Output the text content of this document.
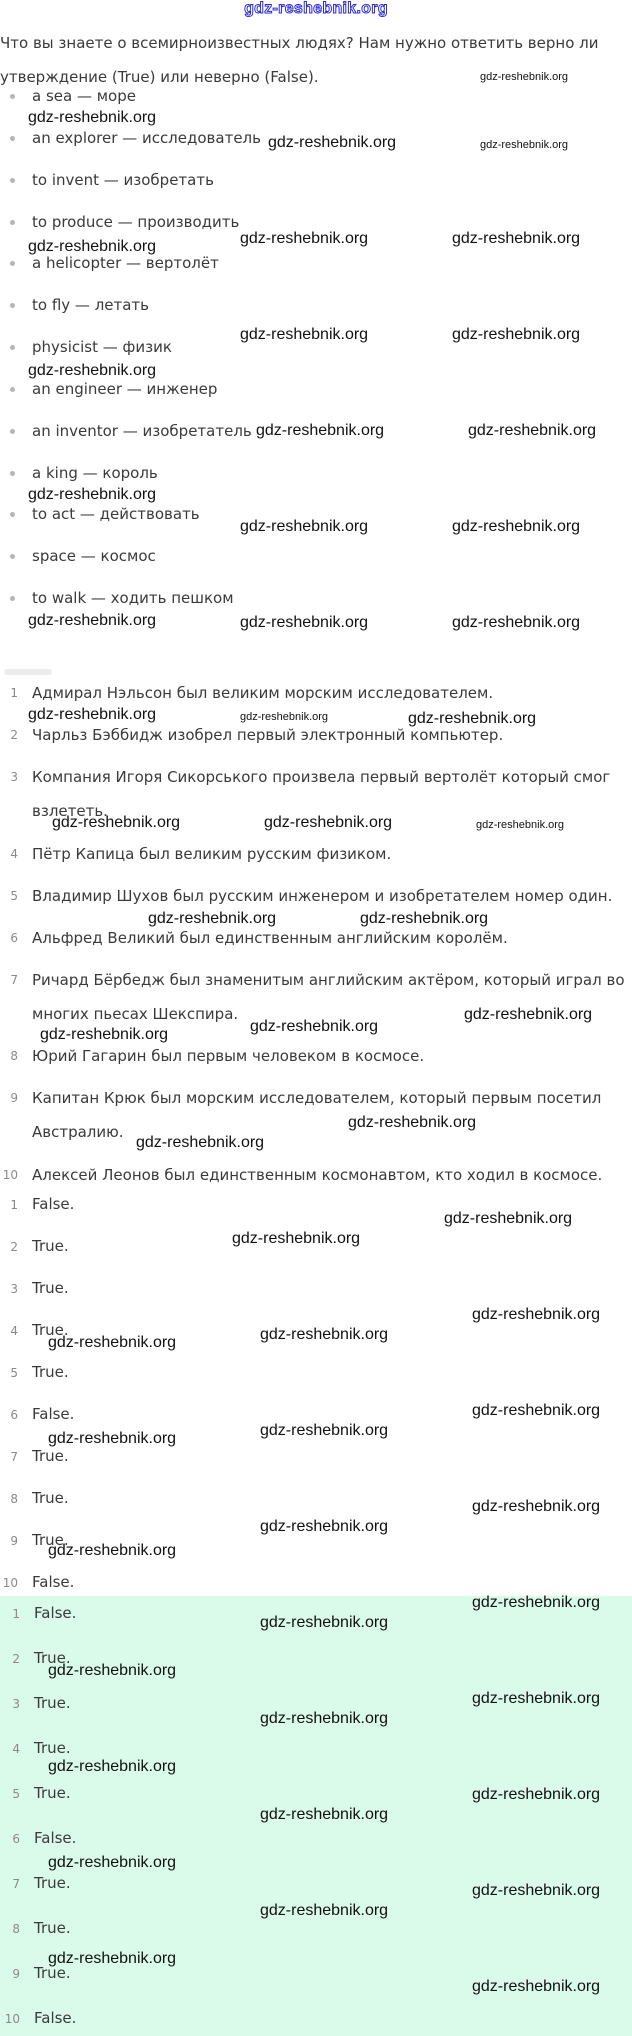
gdz-reshebnik.org
Что вы знаете о всемирноизвестных людях? Нам нужно ответить верно ли утверждение (True) или неверно (False).
a sea — море
an explorer — исследователь
to invent — изобретать
to produce — производить
a helicopter — вертолёт
to fly — летать
physicist — физик
an engineer — инженер
an inventor — изобретатель
a king — король
to act — действовать
space — космос
to walk — ходить пешком
1 Адмирал Нэльсон был великим морским исследователем.
2 Чарльз Бэббидж изобрел первый электронный компьютер.
3 Компания Игоря Сикорського произвела первый вертолёт который смог взлететь.
4 Пётр Капица был великим русским физиком.
5 Владимир Шухов был русским инженером и изобретателем номер один.
6 Альфред Великий был единственным английским королём.
7 Ричард Бёрбедж был знаменитым английским актёром, который играл во многих пьесах Шекспира.
8 Юрий Гагарин был первым человеком в космосе.
9 Капитан Крюк был морским исследователем, который первым посетил Австралию.
10 Алексей Леонов был единственным космонавтом, кто ходил в космосе.
1 False.
2 True.
3 True.
4 True.
5 True.
6 False.
7 True.
8 True.
9 True.
10 False.
1 False.
2 True.
3 True.
4 True.
5 True.
6 False.
7 True.
8 True.
9 True.
10 False.
gdz-reshebnik.org
gdz-reshebnik.org
gdz-reshebnik.org	gdz-reshebnik.org
gdz-reshebnik.org	gdz-reshebnik.org	gdz-reshebnik.org
gdz-reshebnik.org	gdz-reshebnik.org
gdz-reshebnik.org
gdz-reshebnik.org	gdz-reshebnik.org
gdz-reshebnik.org
gdz-reshebnik.org	gdz-reshebnik.org
gdz-reshebnik.org	gdz-reshebnik.org	gdz-reshebnik.org
gdz-reshebnik.org	gdz-reshebnik.org	gdz-reshebnik.org
gdz-reshebnik.org	gdz-reshebnik.org	gdz-reshebnik.org
gdz-reshebnik.org	gdz-reshebnik.org
gdz-reshebnik.org	gdz-reshebnik.org
gdz-reshebnik.org
gdz-reshebnik.org
gdz-reshebnik.org
gdz-reshebnik.org
gdz-reshebnik.org
gdz-reshebnik.org
gdz-reshebnik.org
gdz-reshebnik.org
gdz-reshebnik.org
gdz-reshebnik.org
gdz-reshebnik.org
gdz-reshebnik.org
gdz-reshebnik.org
gdz-reshebnik.org
gdz-reshebnik.org
gdz-reshebnik.org
gdz-reshebnik.org
gdz-reshebnik.org
gdz-reshebnik.org
gdz-reshebnik.org
gdz-reshebnik.org
gdz-reshebnik.org
gdz-reshebnik.org
gdz-reshebnik.org
gdz-reshebnik.org
gdz-reshebnik.org
gdz-reshebnik.org
